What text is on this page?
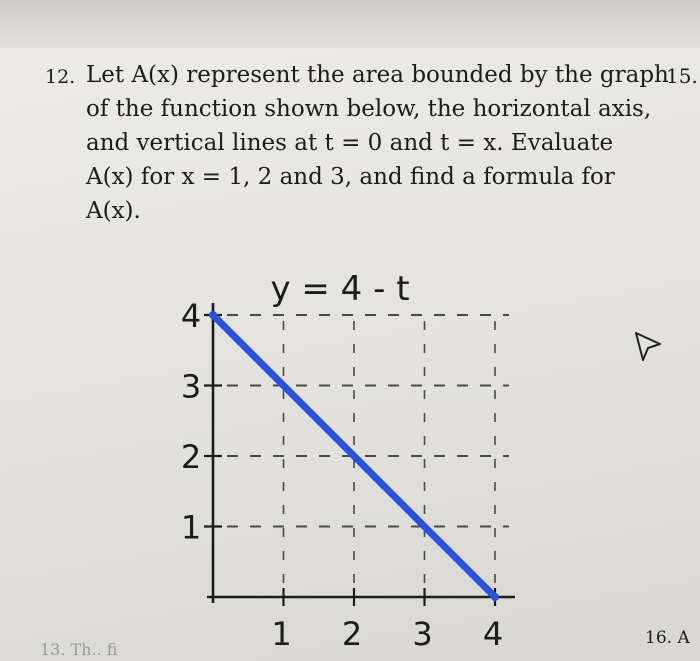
12. Let A(x) represent the area bounded by the graph
of the function shown below, the horizontal axis,
and vertical lines at t = 0 and t = x. Evaluate
A(x) for x = 1, 2 and 3, and find a formula for
A(x).
15.
16. A
13. Th.. fi
1
2
3
4
1 2 3 4
y = 4 - t
